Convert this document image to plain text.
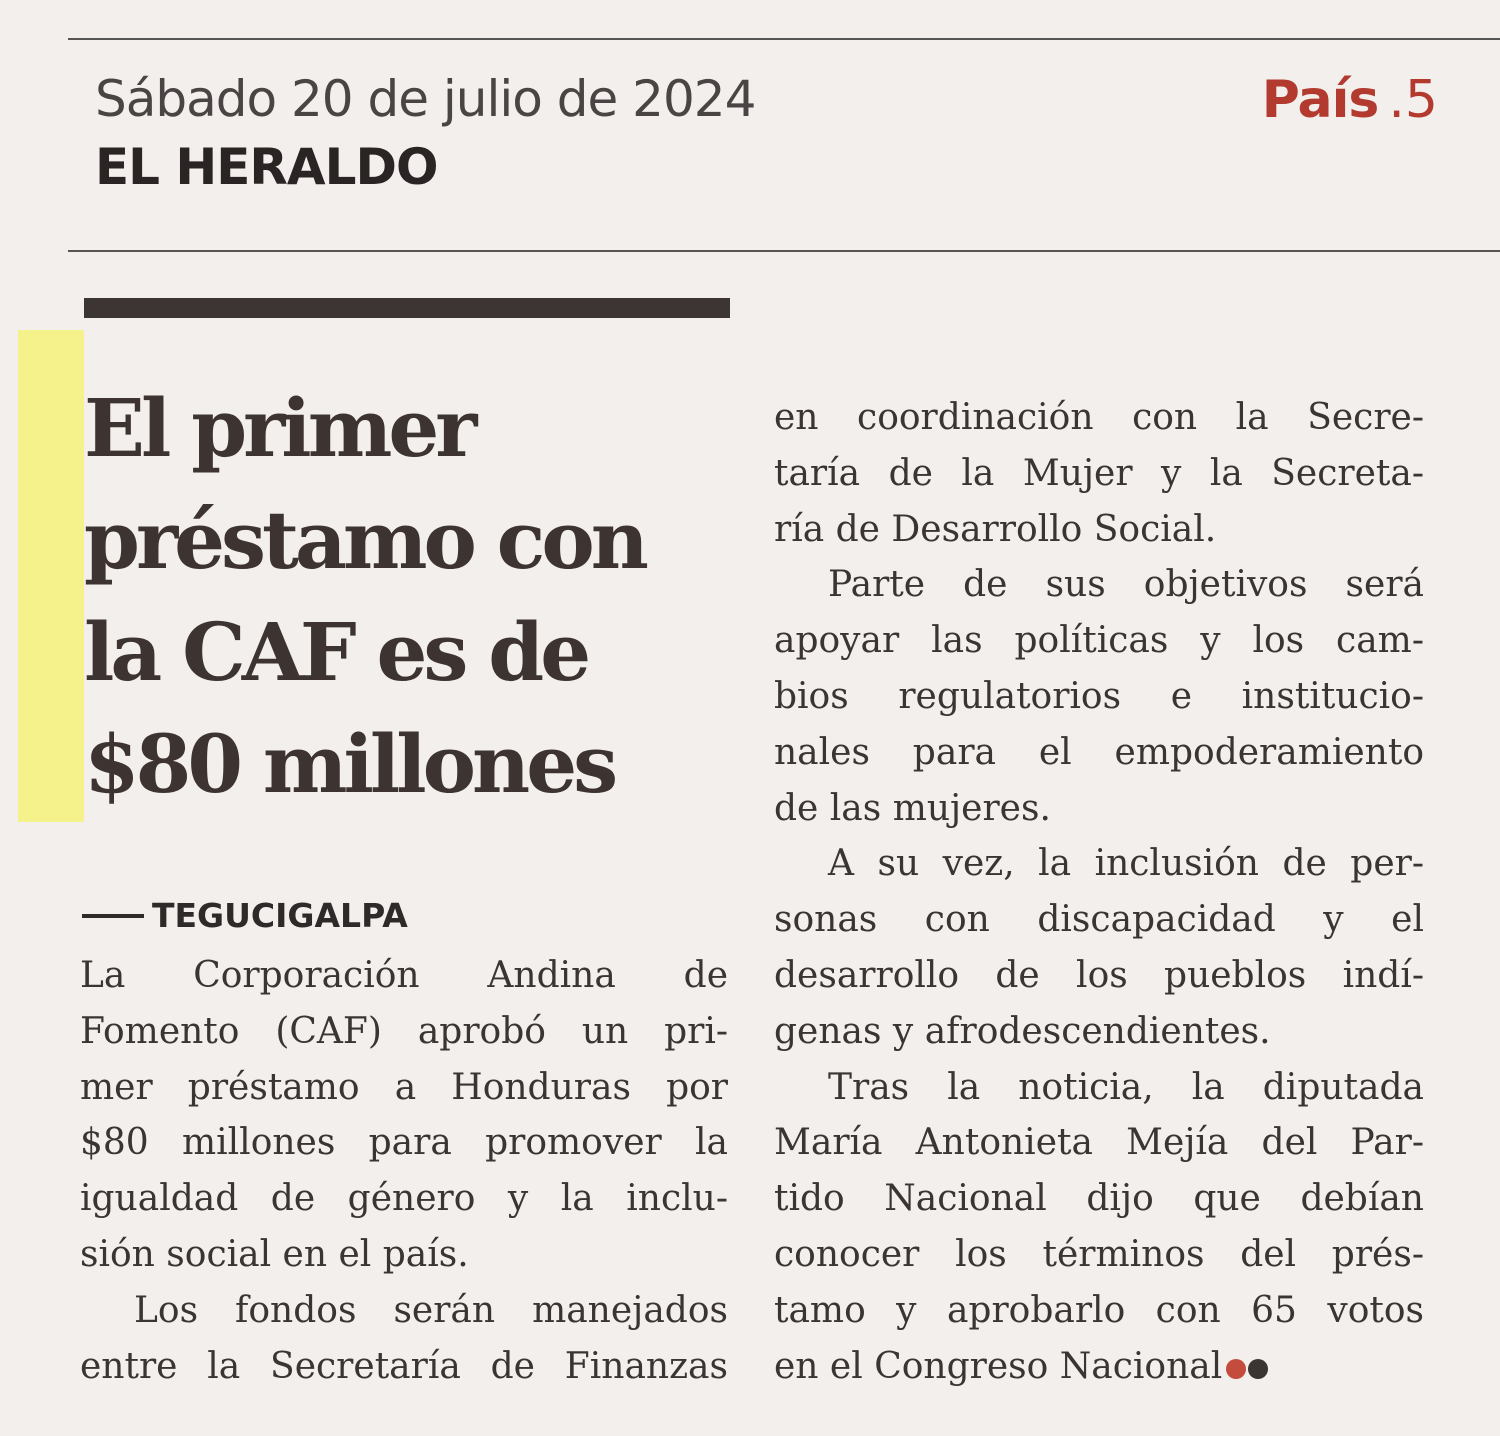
Sábado 20 de julio de 2024
EL HERALDO
País .5
El primer
préstamo con
la CAF es de
$80 millones
TEGUCIGALPA
La Corporación Andina de
Fomento (CAF) aprobó un pri-
mer préstamo a Honduras por
$80 millones para promover la
igualdad de género y la inclu-
sión social en el país.
Los fondos serán manejados
entre la Secretaría de Finanzas
en coordinación con la Secre-
taría de la Mujer y la Secreta-
ría de Desarrollo Social.
Parte de sus objetivos será
apoyar las políticas y los cam-
bios regulatorios e institucio-
nales para el empoderamiento
de las mujeres.
A su vez, la inclusión de per-
sonas con discapacidad y el
desarrollo de los pueblos indí-
genas y afrodescendientes.
Tras la noticia, la diputada
María Antonieta Mejía del Par-
tido Nacional dijo que debían
conocer los términos del prés-
tamo y aprobarlo con 65 votos
en el Congreso Nacional
